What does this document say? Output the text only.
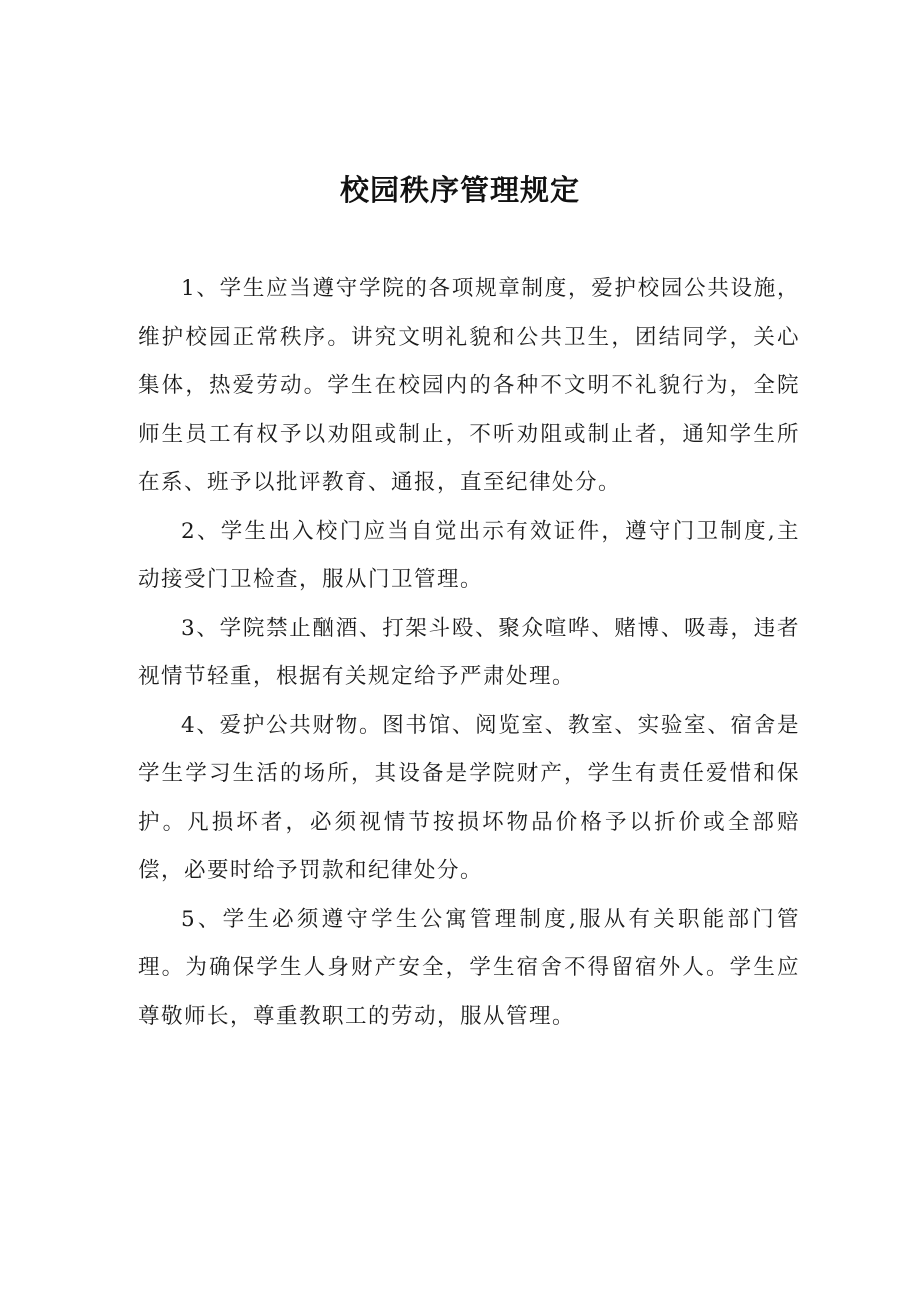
校园秩序管理规定

1、学生应当遵守学院的各项规章制度，爱护校园公共设施，维护校园正常秩序。讲究文明礼貌和公共卫生，团结同学，关心集体，热爱劳动。学生在校园内的各种不文明不礼貌行为，全院师生员工有权予以劝阻或制止，不听劝阻或制止者，通知学生所在系、班予以批评教育、通报，直至纪律处分。

2、学生出入校门应当自觉出示有效证件，遵守门卫制度,主动接受门卫检查，服从门卫管理。

3、学院禁止酗酒、打架斗殴、聚众喧哗、赌博、吸毒，违者视情节轻重，根据有关规定给予严肃处理。

4、爱护公共财物。图书馆、阅览室、教室、实验室、宿舍是学生学习生活的场所，其设备是学院财产，学生有责任爱惜和保护。凡损坏者，必须视情节按损坏物品价格予以折价或全部赔偿，必要时给予罚款和纪律处分。

5、学生必须遵守学生公寓管理制度,服从有关职能部门管理。为确保学生人身财产安全，学生宿舍不得留宿外人。学生应尊敬师长，尊重教职工的劳动，服从管理。
